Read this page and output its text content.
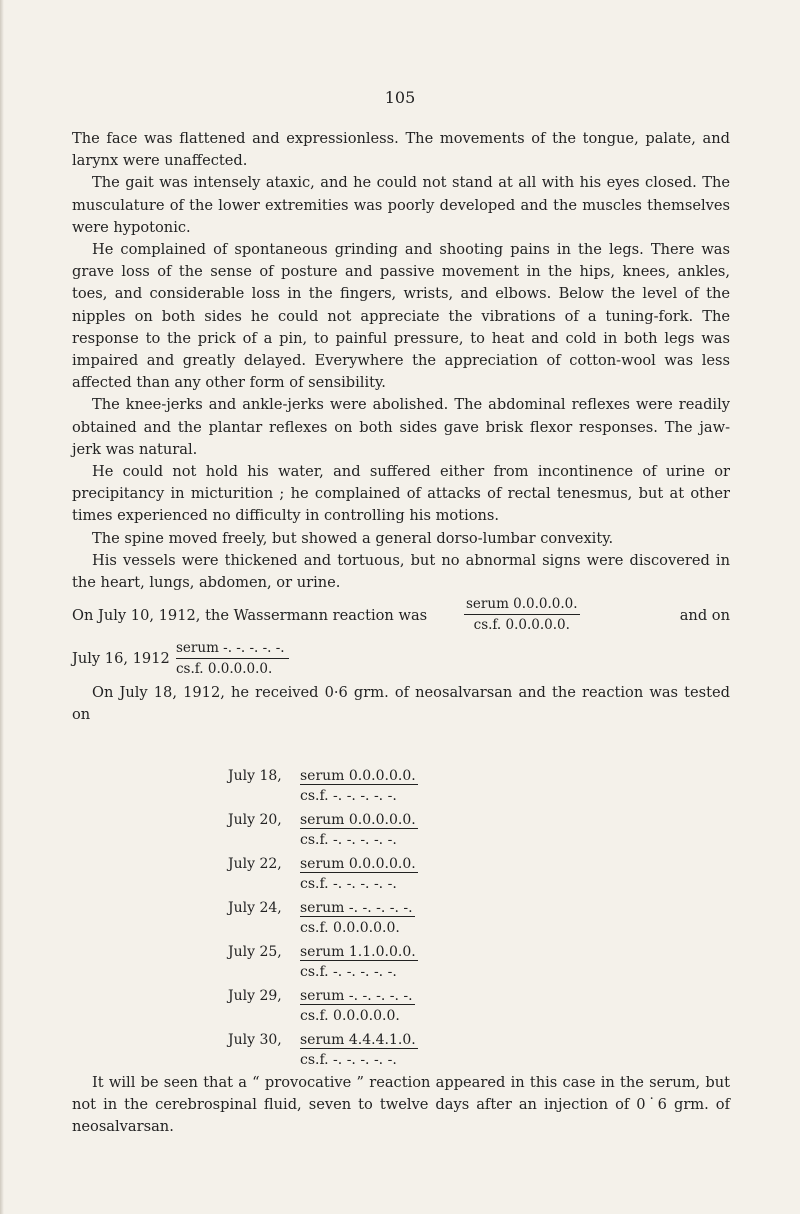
105

The face was flattened and expressionless. The movements of the tongue, palate, and larynx were unaffected.

The gait was intensely ataxic, and he could not stand at all with his eyes closed. The musculature of the lower extremities was poorly developed and the muscles themselves were hypotonic.

He complained of spontaneous grinding and shooting pains in the legs. There was grave loss of the sense of posture and passive movement in the hips, knees, ankles, toes, and considerable loss in the fingers, wrists, and elbows. Below the level of the nipples on both sides he could not appreciate the vibrations of a tuning-fork. The response to the prick of a pin, to painful pressure, to heat and cold in both legs was impaired and greatly delayed. Everywhere the appreciation of cotton-wool was less affected than any other form of sensibility.

The knee-jerks and ankle-jerks were abolished. The abdominal reflexes were readily obtained and the plantar reflexes on both sides gave brisk flexor responses. The jaw-jerk was natural.

He could not hold his water, and suffered either from incontinence of urine or precipitancy in micturition ; he complained of attacks of rectal tenesmus, but at other times experienced no difficulty in controlling his motions.

The spine moved freely, but showed a general dorso-lumbar convexity.

His vessels were thickened and tortuous, but no abnormal signs were discovered in the heart, lungs, abdomen, or urine.

On July 10, 1912, the Wassermann reaction was
serum 0.0.0.0.0.
cs.f. 0.0.0.0.0.
and on
July 16, 1912
serum -. -. -. -. -.
cs.f. 0.0.0.0.0.

On July 18, 1912, he received 0·6 grm. of neosalvarsan and the reaction was tested on

July 18, serum 0.0.0.0.0.
cs.f. -. -. -. -. -.
July 20, serum 0.0.0.0.0.
cs.f. -. -. -. -. -.
July 22, serum 0.0.0.0.0.
cs.f. -. -. -. -. -.
July 24, serum -. -. -. -. -.
cs.f. 0.0.0.0.0.
July 25, serum 1.1.0.0.0.
cs.f. -. -. -. -. -.
July 29, serum -. -. -. -. -.
cs.f. 0.0.0.0.0.
July 30, serum 4.4.4.1.0.
cs.f. -. -. -. -. -.

It will be seen that a “ provocative ” reaction appeared in this case in the serum, but not in the cerebrospinal fluid, seven to twelve days after an injection of 0˙6 grm. of neosalvarsan.
